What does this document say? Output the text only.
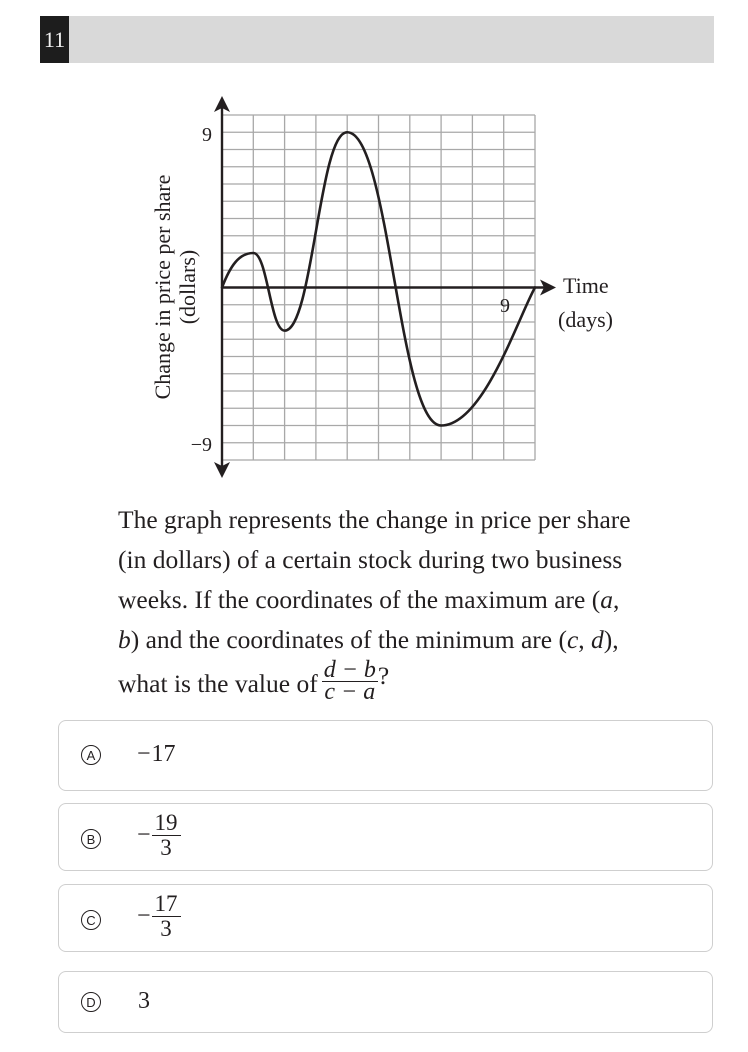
11
9
−9
9
Time
(days)
Change in price per share (dollars)
The graph represents the change in price per share
(in dollars) of a certain stock during two business
weeks. If the coordinates of the maximum are (a,
b) and the coordinates of the minimum are (c, d),
what is the value of $\frac{d - b}{c - a}$ ?
A − 17
$B - \frac{19}{3}$
$C - \frac{17}{3}$
D 3
